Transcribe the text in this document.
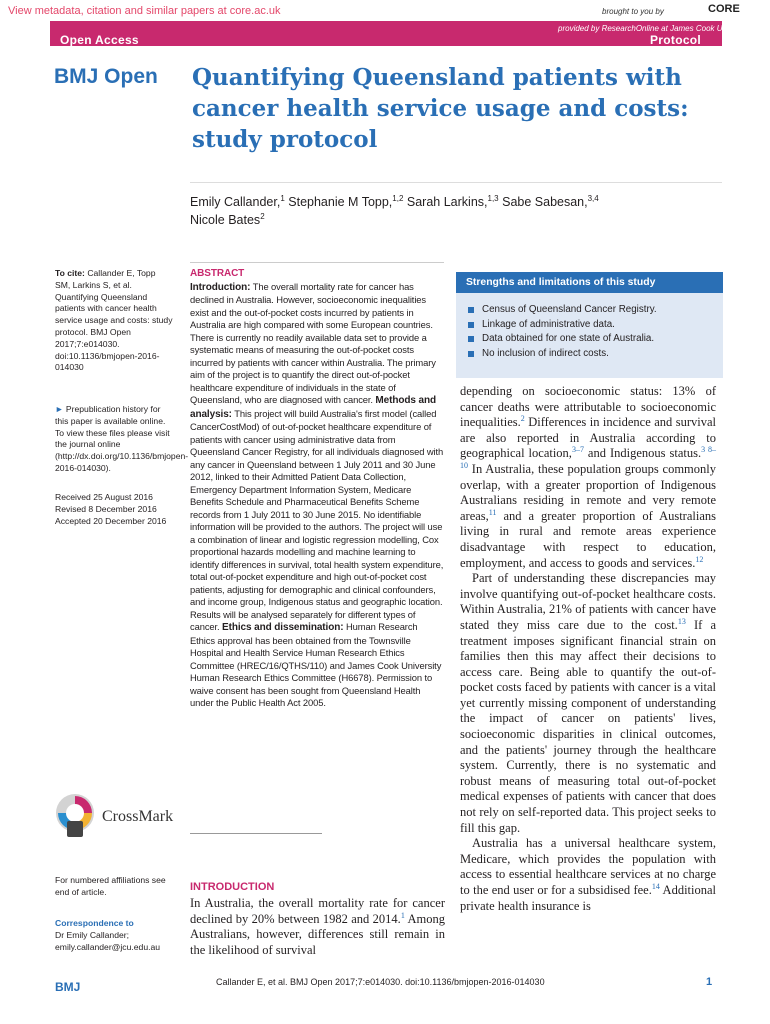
View metadata, citation and similar papers at core.ac.uk	brought to you by	CORE
provided by ResearchOnline at James Cook University
Open Access	Protocol
BMJ Open Quantifying Queensland patients with cancer health service usage and costs: study protocol
Emily Callander,$^1$ Stephanie M Topp,$^{1,2}$ Sarah Larkins,$^{1,3}$ Sabe Sabesan,$^{3,4}$
Nicole Bates$^2$
To cite: Callander E, Topp SM, Larkins S, et al. Quantifying Queensland patients with cancer health service usage and costs: study protocol. BMJ Open 2017;7:e014030. doi:10.1136/bmjopen-2016-014030
► Prepublication history for this paper is available online. To view these files please visit the journal online (http://dx.doi.org/10.1136/bmjopen-2016-014030).
Received 25 August 2016
Revised 8 December 2016
Accepted 20 December 2016
CrossMark
For numbered affiliations see end of article.
Correspondence to
Dr Emily Callander;
emily.callander@jcu.edu.au
ABSTRACT
Introduction: The overall mortality rate for cancer has declined in Australia. However, socioeconomic inequalities exist and the out-of-pocket costs incurred by patients in Australia are high compared with some European countries. There is currently no readily available data set to provide a systematic means of measuring the out-of-pocket costs incurred by patients with cancer within Australia. The primary aim of the project is to quantify the direct out-of-pocket healthcare expenditure of individuals in the state of Queensland, who are diagnosed with cancer. Methods and analysis: This project will build Australia's first model (called CancerCostMod) of out-of-pocket healthcare expenditure of patients with cancer using administrative data from Queensland Cancer Registry, for all individuals diagnosed with any cancer in Queensland between 1 July 2011 and 30 June 2012, linked to their Admitted Patient Data Collection, Emergency Department Information System, Medicare Benefits Schedule and Pharmaceutical Benefits Scheme records from 1 July 2011 to 30 June 2015. No identifiable information will be provided to the authors. The project will use a combination of linear and logistic regression modelling, Cox proportional hazards modelling and machine learning to identify differences in survival, total health system expenditure, total out-of-pocket expenditure and high out-of-pocket cost patients, adjusting for demographic and clinical confounders, and income group, Indigenous status and geographic location. Results will be analysed separately for different types of cancer. Ethics and dissemination: Human Research Ethics approval has been obtained from the Townsville Hospital and Health Service Human Research Ethics Committee (HREC/16/QTHS/110) and James Cook University Human Research Ethics Committee (H6678). Permission to waive consent has been sought from Queensland Health under the Public Health Act 2005.
INTRODUCTION
In Australia, the overall mortality rate for cancer declined by 20% between 1982 and 2014.$^1$ Among Australians, however, differences still remain in the likelihood of survival
Strengths and limitations of this study
Census of Queensland Cancer Registry.
Linkage of administrative data.
Data obtained for one state of Australia.
No inclusion of indirect costs.

depending on socioeconomic status: 13% of cancer deaths were attributable to socioeconomic inequalities.$^2$ Differences in incidence and survival are also reported in Australia according to geographical location,$^{3-7}$ and Indigenous status.$^{3 8-10}$ In Australia, these population groups commonly overlap, with a greater proportion of Indigenous Australians residing in remote and very remote areas,$^{11}$ and a greater proportion of Australians living in rural and remote areas experience disadvantage with respect to education, employment, and access to goods and services.$^{12}$

Part of understanding these discrepancies may involve quantifying out-of-pocket healthcare costs. Within Australia, 21% of patients with cancer have stated they miss care due to the cost.$^{13}$ If a treatment imposes significant financial strain on families then this may affect their decisions to access care. Being able to quantify the out-of-pocket costs faced by patients with cancer is a vital yet currently missing component of understanding the impact of cancer on patients' lives, socioeconomic disparities in clinical outcomes, and the patients' journey through the healthcare system. Currently, there is no systematic and robust means of measuring total out-of-pocket medical expenses of patients with cancer that does not rely on self-reported data. This project seeks to fill this gap.

Australia has a universal healthcare system, Medicare, which provides the population with access to essential healthcare services at no charge to the end user or for a subsidised fee.$^{14}$ Additional private health insurance is

BMJ	Callander E, et al. BMJ Open 2017;7:e014030. doi:10.1136/bmjopen-2016-014030	1
